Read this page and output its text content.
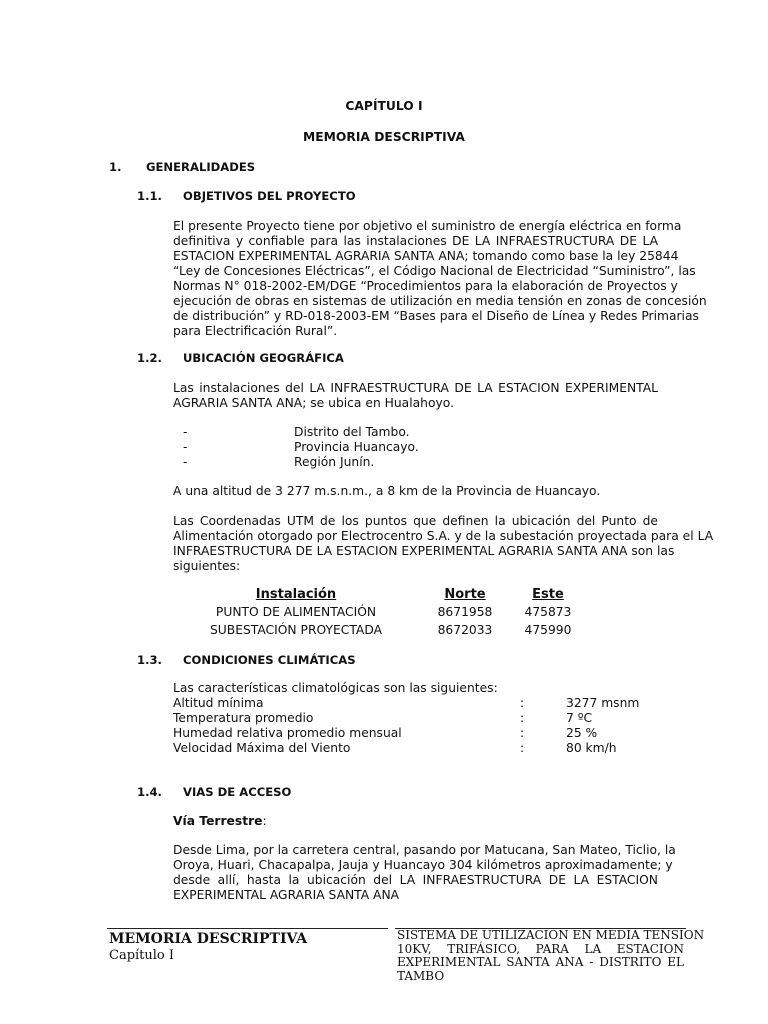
CAPÍTULO I
MEMORIA DESCRIPTIVA
1. GENERALIDADES
1.1. OBJETIVOS DEL PROYECTO
El presente Proyecto tiene por objetivo el suministro de energía eléctrica en forma
definitiva y confiable para las instalaciones DE LA INFRAESTRUCTURA DE LA
ESTACION EXPERIMENTAL AGRARIA SANTA ANA; tomando como base la ley 25844
“Ley de Concesiones Eléctricas”, el Código Nacional de Electricidad “Suministro”, las
Normas N° 018-2002-EM/DGE “Procedimientos para la elaboración de Proyectos y
ejecución de obras en sistemas de utilización en media tensión en zonas de concesión
de distribución” y RD-018-2003-EM “Bases para el Diseño de Línea y Redes Primarias
para Electrificación Rural”.
1.2. UBICACIÓN GEOGRÁFICA
Las instalaciones del LA INFRAESTRUCTURA DE LA ESTACION EXPERIMENTAL
AGRARIA SANTA ANA; se ubica en Hualahoyo.
-	Distrito del Tambo.
-	Provincia Huancayo.
-	Región Junín.
A una altitud de 3 277 m.s.n.m., a 8 km de la Provincia de Huancayo.
Las Coordenadas UTM de los puntos que definen la ubicación del Punto de
Alimentación otorgado por Electrocentro S.A. y de la subestación proyectada para el LA
INFRAESTRUCTURA DE LA ESTACION EXPERIMENTAL AGRARIA SANTA ANA son las
siguientes:
Instalación	Norte	Este
PUNTO DE ALIMENTACIÓN	8671958	475873
SUBESTACIÓN PROYECTADA	8672033	475990
1.3. CONDICIONES CLIMÁTICAS
Las características climatológicas son las siguientes:
Altitud mínima	:	3277 msnm
Temperatura promedio	:	7 ºC
Humedad relativa promedio mensual	:	25 %
Velocidad Máxima del Viento	:	80 km/h
1.4. VIAS DE ACCESO
Vía Terrestre:
Desde Lima, por la carretera central, pasando por Matucana, San Mateo, Ticlio, la
Oroya, Huari, Chacapalpa, Jauja y Huancayo 304 kilómetros aproximadamente; y
desde allí, hasta la ubicación del LA INFRAESTRUCTURA DE LA ESTACION
EXPERIMENTAL AGRARIA SANTA ANA
MEMORIA DESCRIPTIVA
Capítulo I
SISTEMA DE UTILIZACION EN MEDIA TENSION
10KV, TRIFÁSICO, PARA LA ESTACION
EXPERIMENTAL SANTA ANA - DISTRITO EL
TAMBO
